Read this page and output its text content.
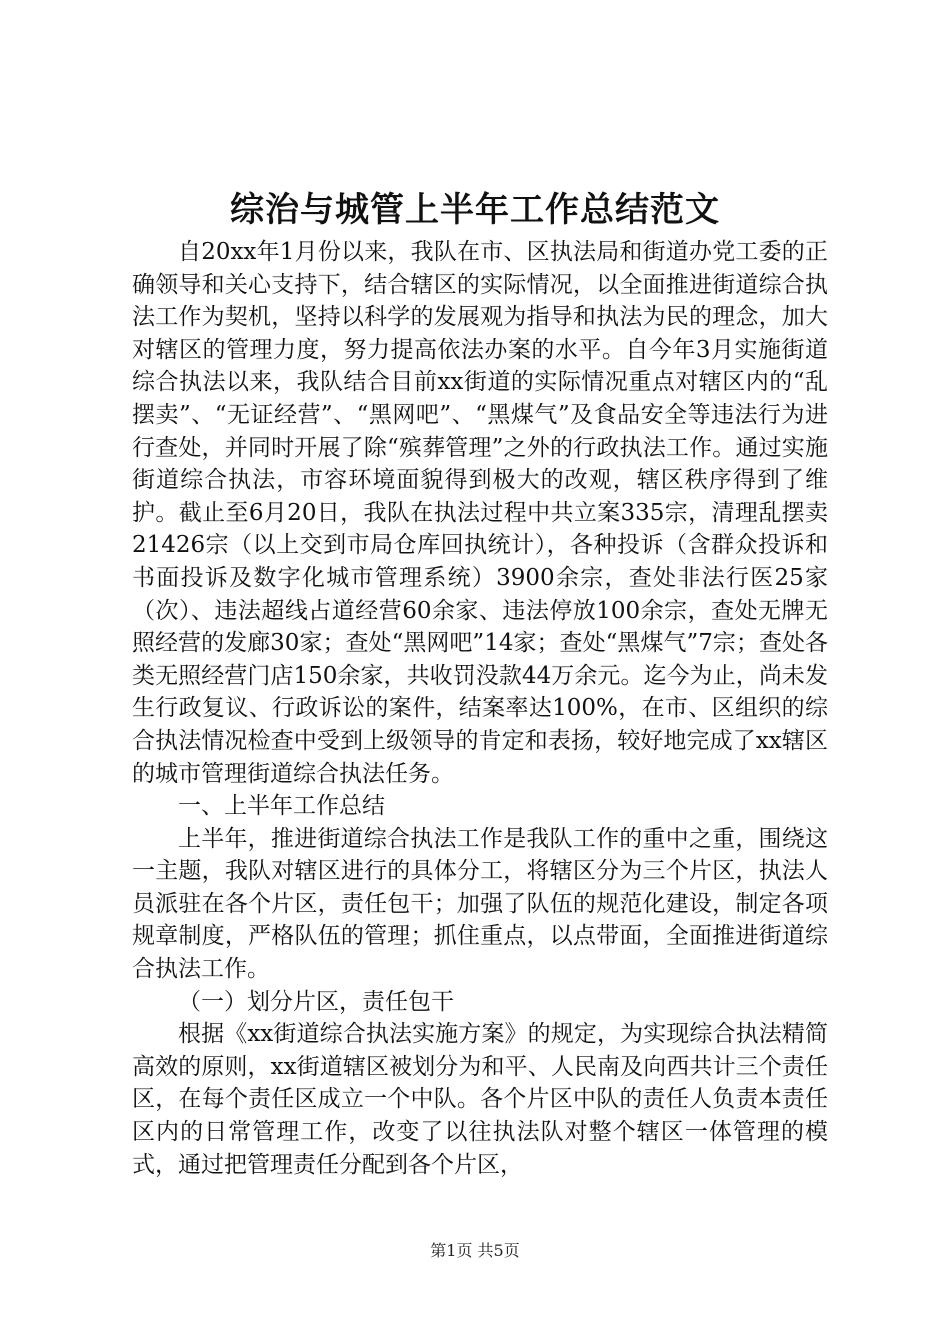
综治与城管上半年工作总结范文

自20xx年1月份以来，我队在市、区执法局和街道办党工委的正确领导和关心支持下，结合辖区的实际情况，以全面推进街道综合执法工作为契机，坚持以科学的发展观为指导和执法为民的理念，加大对辖区的管理力度，努力提高依法办案的水平。自今年3月实施街道综合执法以来，我队结合目前xx街道的实际情况重点对辖区内的“乱摆卖”、“无证经营”、“黑网吧”、“黑煤气”及食品安全等违法行为进行查处，并同时开展了除“殡葬管理”之外的行政执法工作。通过实施街道综合执法，市容环境面貌得到极大的改观，辖区秩序得到了维护。截止至6月20日，我队在执法过程中共立案335宗，清理乱摆卖21426宗（以上交到市局仓库回执统计），各种投诉（含群众投诉和书面投诉及数字化城市管理系统）3900余宗，查处非法行医25家（次）、违法超线占道经营60余家、违法停放100余宗，查处无牌无照经营的发廊30家；查处“黑网吧”14家；查处“黑煤气”7宗；查处各类无照经营门店150余家，共收罚没款44万余元。迄今为止，尚未发生行政复议、行政诉讼的案件，结案率达100%，在市、区组织的综合执法情况检查中受到上级领导的肯定和表扬，较好地完成了xx辖区的城市管理街道综合执法任务。

一、上半年工作总结

上半年，推进街道综合执法工作是我队工作的重中之重，围绕这一主题，我队对辖区进行的具体分工，将辖区分为三个片区，执法人员派驻在各个片区，责任包干；加强了队伍的规范化建设，制定各项规章制度，严格队伍的管理；抓住重点，以点带面，全面推进街道综合执法工作。

（一）划分片区，责任包干

根据《xx街道综合执法实施方案》的规定，为实现综合执法精简高效的原则，xx街道辖区被划分为和平、人民南及向西共计三个责任区，在每个责任区成立一个中队。各个片区中队的责任人负责本责任区内的日常管理工作，改变了以往执法队对整个辖区一体管理的模式，通过把管理责任分配到各个片区，

第1页 共5页
